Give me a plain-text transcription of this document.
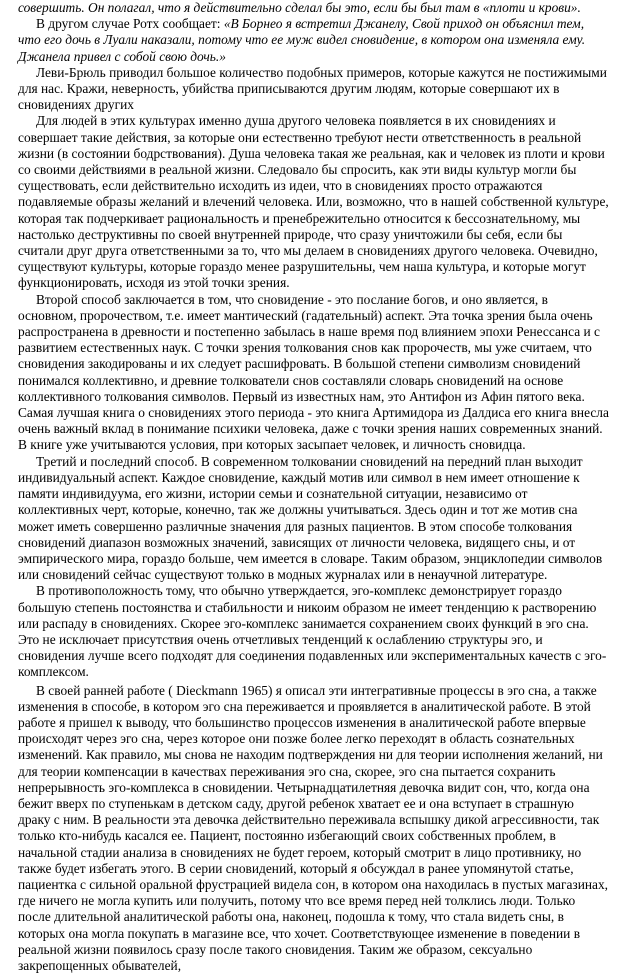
совершить. Он полагал, что я действительно сделал бы это, если бы был там в «плоти и крови».

В другом случае Ротх сообщает: «В Борнео я встретил Джанелу, Свой приход он объяснил тем, что его дочь в Луали наказали, потому что ее муж видел сновидение, в котором она изменяла ему. Джанела привел с собой свою дочь.»

Леви-Брюль приводил большое количество подобных примеров, которые кажутся не постижимыми для нас. Кражи, неверность, убийства приписываются другим людям, которые совершают их в сновидениях других

Для людей в этих культурах именно душа другого человека появляется в их сновидениях и совершает такие действия, за которые они естественно требуют нести ответственность в реальной жизни (в состоянии бодрствования). Душа человека такая же реальная, как и человек из плоти и крови со своими действиями в реальной жизни. Следовало бы спросить, как эти виды культур могли бы существовать, если действительно исходить из идеи, что в сновидениях просто отражаются подавляемые образы желаний и влечений человека. Или, возможно, что в нашей собственной культуре, которая так подчеркивает рациональность и пренебрежительно относится к бессознательному, мы настолько деструктивны по своей внутренней природе, что сразу уничтожили бы себя, если бы считали друг друга ответственными за то, что мы делаем в сновидениях другого человека. Очевидно, существуют культуры, которые гораздо менее разрушительны, чем наша культура, и которые могут функционировать, исходя из этой точки зрения.

Второй способ заключается в том, что сновидение - это послание богов, и оно является, в основном, пророчеством, т.е. имеет мантический (гадательный) аспект. Эта точка зрения была очень распространена в древности и постепенно забылась в наше время под влиянием эпохи Ренессанса и с развитием естественных наук. С точки зрения толкования снов как пророчеств, мы уже считаем, что сновидения закодированы и их следует расшифровать. В большой степени символизм сновидений понимался коллективно, и древние толкователи снов составляли словарь сновидений на основе коллективного толкования символов. Первый из известных нам, это Антифон из Афин пятого века. Самая лучшая книга о сновидениях этого периода - это книга Артимидора из Далдиса его книга внесла очень важный вклад в понимание психики человека, даже с точки зрения наших современных знаний. В книге уже учитываются условия, при которых засыпает человек, и личность сновидца.

Третий и последний способ. В современном толковании сновидений на передний план выходит индивидуальный аспект. Каждое сновидение, каждый мотив или символ в нем имеет отношение к памяти индивидуума, его жизни, истории семьи и сознательной ситуации, независимо от коллективных черт, которые, конечно, так же должны учитываться. Здесь один и тот же мотив сна может иметь совершенно различные значения для разных пациентов. В этом способе толкования сновидений диапазон возможных значений, зависящих от личности человека, видящего сны, и от эмпирического мира, гораздо больше, чем имеется в словаре. Таким образом, энциклопедии символов или сновидений сейчас существуют только в модных журналах или в ненаучной литературе.

В противоположность тому, что обычно утверждается, эго-комплекс демонстрирует гораздо большую степень постоянства и стабильности и никоим образом не имеет тенденцию к растворению или распаду в сновидениях. Скорее эго-комплекс занимается сохранением своих функций в эго сна. Это не исключает присутствия очень отчетливых тенденций к ослаблению структуры эго, и сновидения лучше всего подходят для соединения подавленных или экспериментальных качеств с эго-комплексом.

В своей ранней работе ( Dieckmann 1965) я описал эти интегративные процессы в эго сна, а также изменения в способе, в котором эго сна переживается и проявляется в аналитической работе. В этой работе я пришел к выводу, что большинство процессов изменения в аналитической работе впервые происходят через эго сна, через которое они позже более легко переходят в область сознательных изменений. Как правило, мы снова не находим подтверждения ни для теории исполнения желаний, ни для теории компенсации в качествах переживания эго сна, скорее, эго сна пытается сохранить непрерывность эго-комплекса в сновидении. Четырнадцатилетняя девочка видит сон, что, когда она бежит вверх по ступенькам в детском саду, другой ребенок хватает ее и она вступает в страшную драку с ним. В реальности эта девочка действительно переживала вспышку дикой агрессивности, так только кто-нибудь касался ее. Пациент, постоянно избегающий своих собственных проблем, в начальной стадии анализа в сновидениях не будет героем, который смотрит в лицо противнику, но также будет избегать этого. В серии сновидений, который я обсуждал в ранее упомянутой статье, пациентка с сильной оральной фрустрацией видела сон, в котором она находилась в пустых магазинах, где ничего не могла купить или получить, потому что все время перед ней толклись люди. Только после длительной аналитической работы она, наконец, подошла к тому, что стала видеть сны, в которых она могла покупать в магазине все, что хочет. Соответствующее изменение в поведении в реальной жизни появилось сразу после такого сновидения. Таким же образом, сексуально закрепощенных обывателей,
